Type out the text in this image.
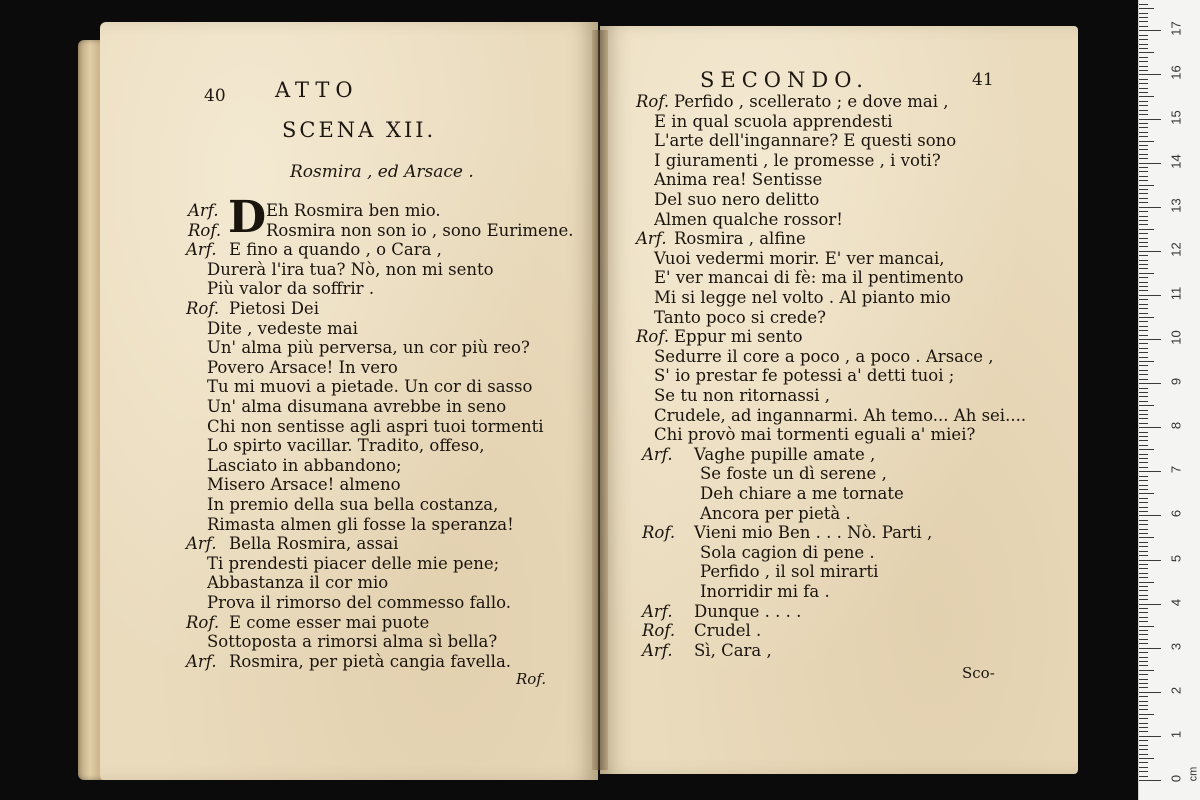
40 ATTO
SCENA XII.
Rosmira , ed Arsace .
D
Arf.	Eh Rosmira ben mio.
Rof.	Rosmira non son io , sono Eurimene.
Arf. E fino a quando , o Cara ,
Durerà l'ira tua? Nò, non mi sento
Più valor da soffrir .
Rof. Pietosi Dei
Dite , vedeste mai
Un' alma più perversa, un cor più reo?
Povero Arsace! In vero
Tu mi muovi a pietade. Un cor di sasso
Un' alma disumana avrebbe in seno
Chi non sentisse agli aspri tuoi tormenti
Lo spirto vacillar. Tradito, offeso,
Lasciato in abbandono;
Misero Arsace! almeno
In premio della sua bella costanza,
Rimasta almen gli fosse la speranza!
Arf. Bella Rosmira, assai
Ti prendesti piacer delle mie pene;
Abbastanza il cor mio
Prova il rimorso del commesso fallo.
Rof. E come esser mai puote
Sottoposta a rimorsi alma sì bella?
Arf. Rosmira, per pietà cangia favella.
Rof.
SECONDO.	41
Rof. Perfido , scellerato ; e dove mai ,
E in qual scuola apprendesti
L'arte dell'ingannare? E questi sono
I giuramenti , le promesse , i voti?
Anima rea! Sentisse
Del suo nero delitto
Almen qualche rossor!
Arf. Rosmira , alfine
Vuoi vedermi morir. E' ver mancai,
E' ver mancai di fè: ma il pentimento
Mi si legge nel volto . Al pianto mio
Tanto poco si crede?
Rof. Eppur mi sento
Sedurre il core a poco , a poco . Arsace ,
S' io prestar fe potessi a' detti tuoi ;
Se tu non ritornassi ,
Crudele, ad ingannarmi. Ah temo... Ah sei....
Chi provò mai tormenti eguali a' miei?
Arf. Vaghe pupille amate ,
Se foste un dì serene ,
Deh chiare a me tornate
Ancora per pietà .
Rof. Vieni mio Ben . . . Nò. Parti ,
Sola cagion di pene .
Perfido , il sol mirarti
Inorridir mi fa .
Arf. Dunque . . . .
Rof. Crudel .
Arf. Sì, Cara ,
Sco-
0
1
2
3
4
5
6
7
8
9
10
11
12
13
14
15
16
17
cm
